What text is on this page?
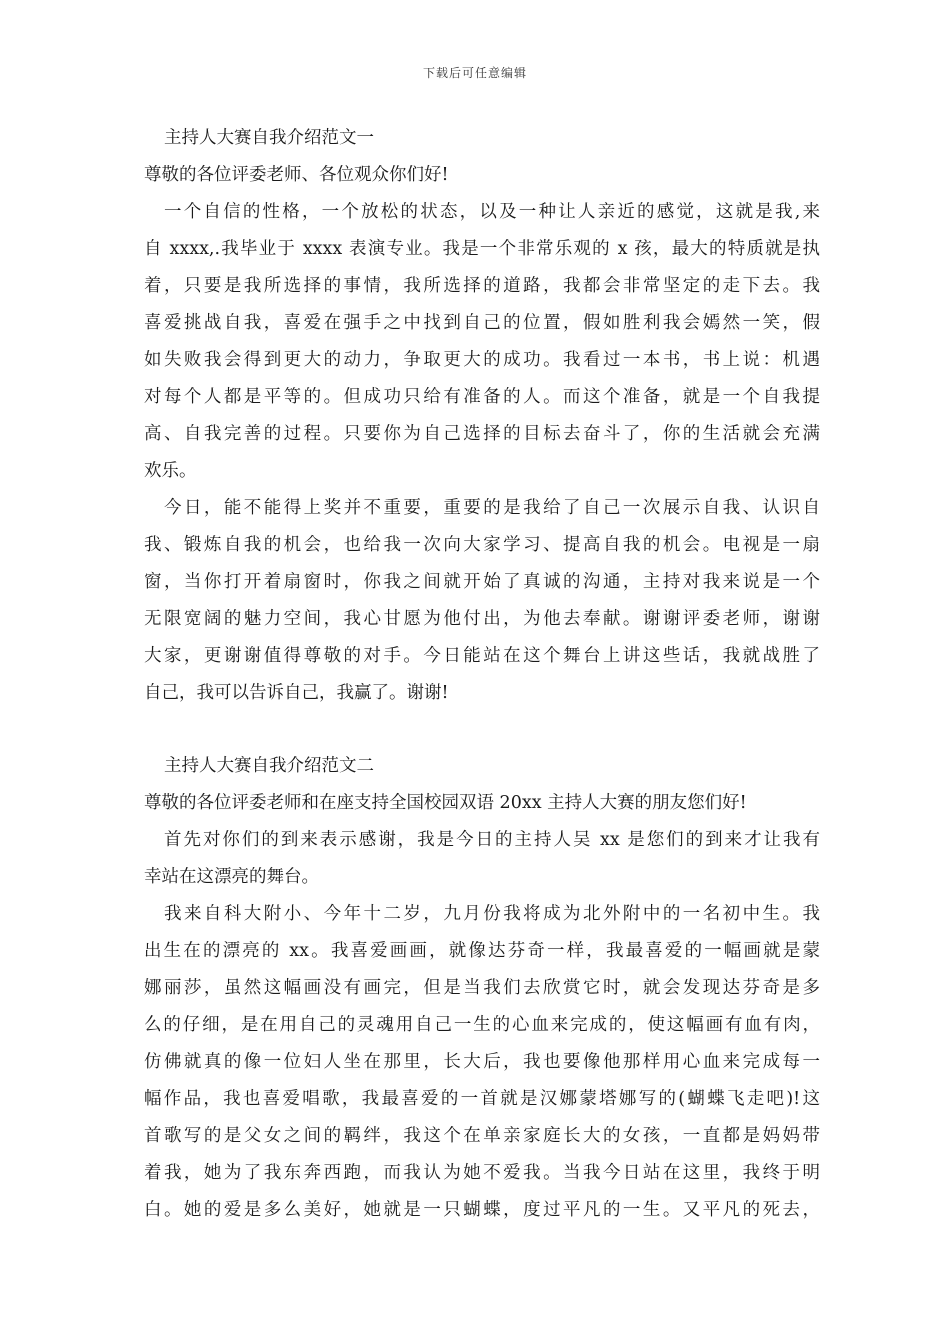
下载后可任意编辑
主持人大赛自我介绍范文一
尊敬的各位评委老师、各位观众你们好!
一个自信的性格，一个放松的状态，以及一种让人亲近的感觉，这就是我,来
自 xxxx,.我毕业于 xxxx 表演专业。我是一个非常乐观的 x 孩，最大的特质就是执
着，只要是我所选择的事情，我所选择的道路，我都会非常坚定的走下去。我
喜爱挑战自我，喜爱在强手之中找到自己的位置，假如胜利我会嫣然一笑，假
如失败我会得到更大的动力，争取更大的成功。我看过一本书，书上说：机遇
对每个人都是平等的。但成功只给有准备的人。而这个准备，就是一个自我提
高、自我完善的过程。只要你为自己选择的目标去奋斗了，你的生活就会充满
欢乐。
今日，能不能得上奖并不重要，重要的是我给了自己一次展示自我、认识自
我、锻炼自我的机会，也给我一次向大家学习、提高自我的机会。电视是一扇
窗，当你打开着扇窗时，你我之间就开始了真诚的沟通，主持对我来说是一个
无限宽阔的魅力空间，我心甘愿为他付出，为他去奉献。谢谢评委老师，谢谢
大家，更谢谢值得尊敬的对手。今日能站在这个舞台上讲这些话，我就战胜了
自己，我可以告诉自己，我赢了。谢谢!
主持人大赛自我介绍范文二
尊敬的各位评委老师和在座支持全国校园双语 20xx 主持人大赛的朋友您们好!
首先对你们的到来表示感谢，我是今日的主持人吴 xx 是您们的到来才让我有
幸站在这漂亮的舞台。
我来自科大附小、今年十二岁，九月份我将成为北外附中的一名初中生。我
出生在的漂亮的 xx。我喜爱画画，就像达芬奇一样，我最喜爱的一幅画就是蒙
娜丽莎，虽然这幅画没有画完，但是当我们去欣赏它时，就会发现达芬奇是多
么的仔细，是在用自己的灵魂用自己一生的心血来完成的，使这幅画有血有肉，
仿佛就真的像一位妇人坐在那里，长大后，我也要像他那样用心血来完成每一
幅作品，我也喜爱唱歌，我最喜爱的一首就是汉娜蒙塔娜写的(蝴蝶飞走吧)!这
首歌写的是父女之间的羁绊，我这个在单亲家庭长大的女孩，一直都是妈妈带
着我，她为了我东奔西跑，而我认为她不爱我。当我今日站在这里，我终于明
白。她的爱是多么美好，她就是一只蝴蝶，度过平凡的一生。又平凡的死去，
